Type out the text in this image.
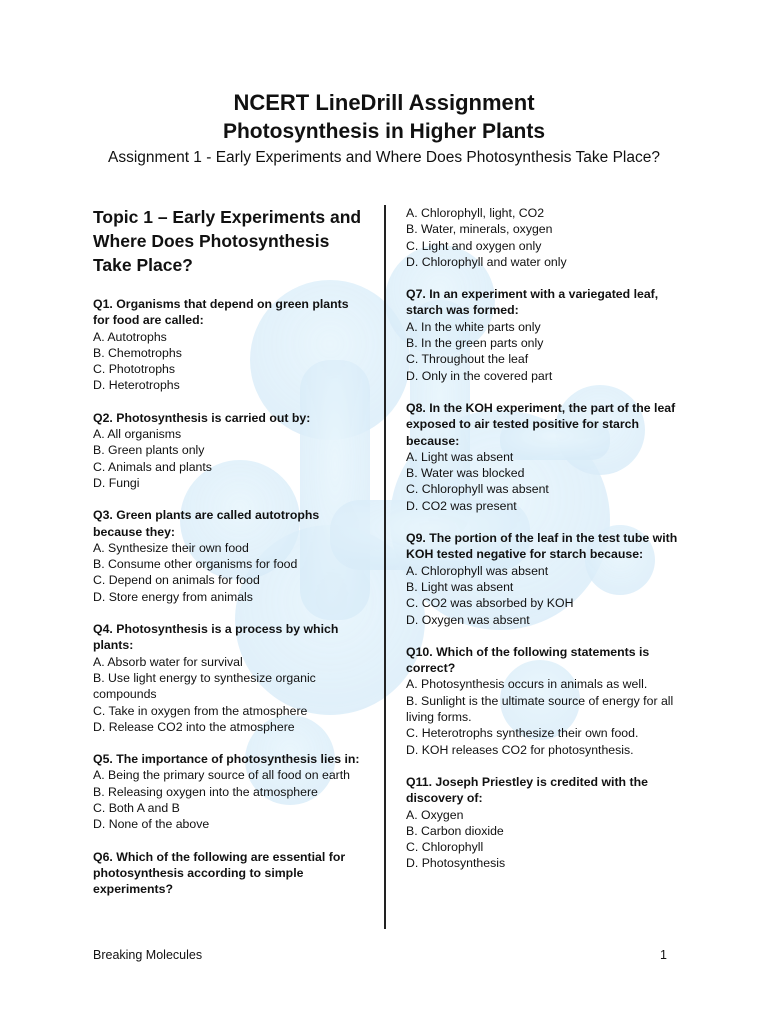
NCERT LineDrill Assignment
Photosynthesis in Higher Plants
Assignment 1 - Early Experiments and Where Does Photosynthesis Take Place?
Topic 1 – Early Experiments and Where Does Photosynthesis Take Place?
Q1. Organisms that depend on green plants for food are called:
A. Autotrophs
B. Chemotrophs
C. Phototrophs
D. Heterotrophs
Q2. Photosynthesis is carried out by:
A. All organisms
B. Green plants only
C. Animals and plants
D. Fungi
Q3. Green plants are called autotrophs because they:
A. Synthesize their own food
B. Consume other organisms for food
C. Depend on animals for food
D. Store energy from animals
Q4. Photosynthesis is a process by which plants:
A. Absorb water for survival
B. Use light energy to synthesize organic compounds
C. Take in oxygen from the atmosphere
D. Release CO2 into the atmosphere
Q5. The importance of photosynthesis lies in:
A. Being the primary source of all food on earth
B. Releasing oxygen into the atmosphere
C. Both A and B
D. None of the above
Q6. Which of the following are essential for photosynthesis according to simple experiments?
A. Chlorophyll, light, CO2
B. Water, minerals, oxygen
C. Light and oxygen only
D. Chlorophyll and water only
Q7. In an experiment with a variegated leaf, starch was formed:
A. In the white parts only
B. In the green parts only
C. Throughout the leaf
D. Only in the covered part
Q8. In the KOH experiment, the part of the leaf exposed to air tested positive for starch because:
A. Light was absent
B. Water was blocked
C. Chlorophyll was absent
D. CO2 was present
Q9. The portion of the leaf in the test tube with KOH tested negative for starch because:
A. Chlorophyll was absent
B. Light was absent
C. CO2 was absorbed by KOH
D. Oxygen was absent
Q10. Which of the following statements is correct?
A. Photosynthesis occurs in animals as well.
B. Sunlight is the ultimate source of energy for all living forms.
C. Heterotrophs synthesize their own food.
D. KOH releases CO2 for photosynthesis.
Q11. Joseph Priestley is credited with the discovery of:
A. Oxygen
B. Carbon dioxide
C. Chlorophyll
D. Photosynthesis
Breaking Molecules	1
